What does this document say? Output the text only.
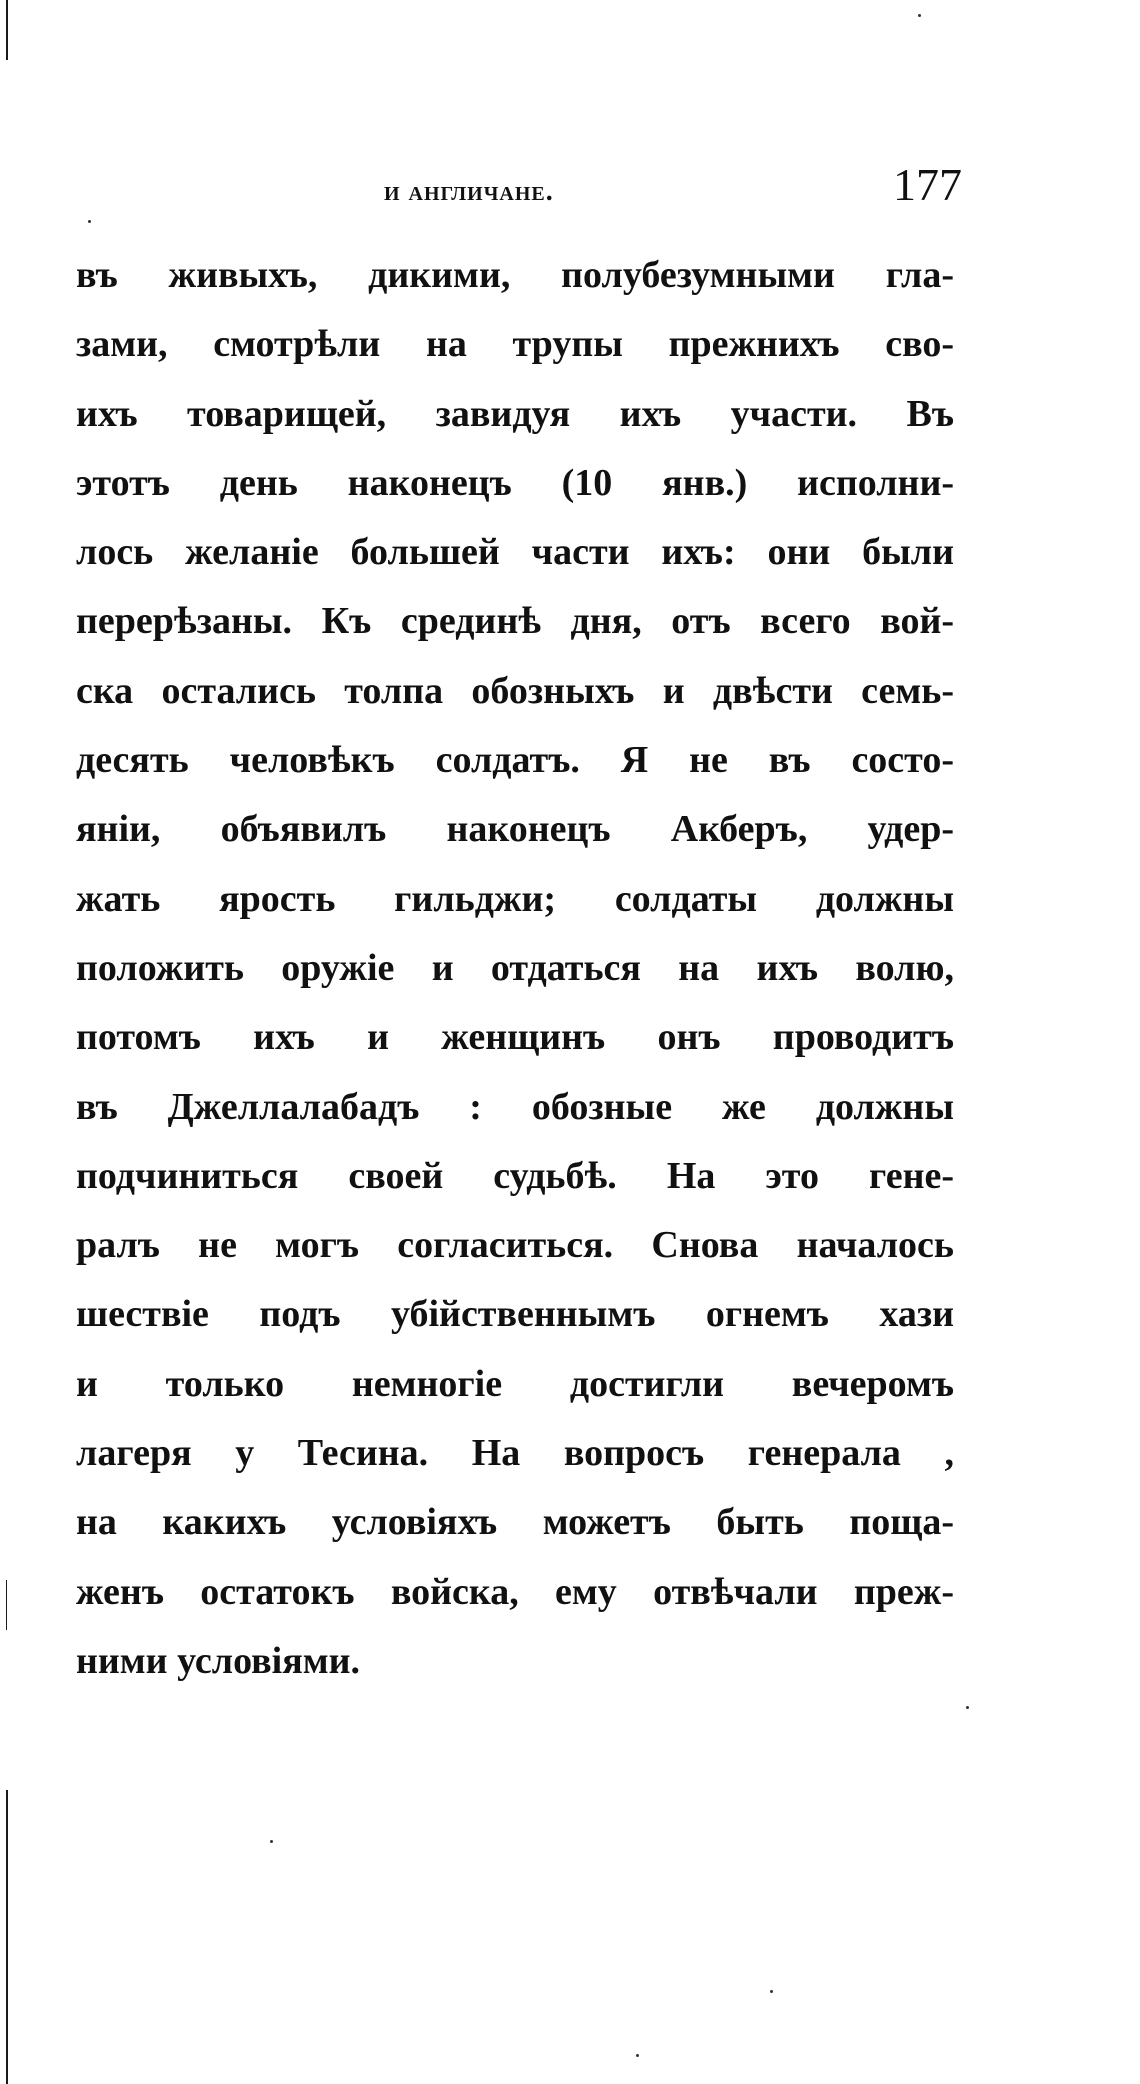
и англичане.	177
въ живыхъ, дикими, полубезумными гла-
зами, смотрѣли на трупы прежнихъ сво-
ихъ товарищей, завидуя ихъ участи. Въ
этотъ день наконецъ (10 янв.) исполни-
лось желаніе большей части ихъ: они были
перерѣзаны. Къ срединѣ дня, отъ всего вой-
ска остались толпа обозныхъ и двѣсти семь-
десять человѣкъ солдатъ. Я не въ состо-
яніи, объявилъ наконецъ Акберъ, удер-
жать ярость гильджи; солдаты должны
положить оружіе и отдаться на ихъ волю,
потомъ ихъ и женщинъ онъ проводитъ
въ Джеллалабадъ : обозные же должны
подчиниться своей судьбѣ. На это гене-
ралъ не могъ согласиться. Снова началось
шествіе подъ убійственнымъ огнемъ хази
и только немногіе достигли вечеромъ
лагеря у Тесина. На вопросъ генерала ,
на какихъ условіяхъ можетъ быть поща-
женъ остатокъ войска, ему отвѣчали преж-
ними условіями.
